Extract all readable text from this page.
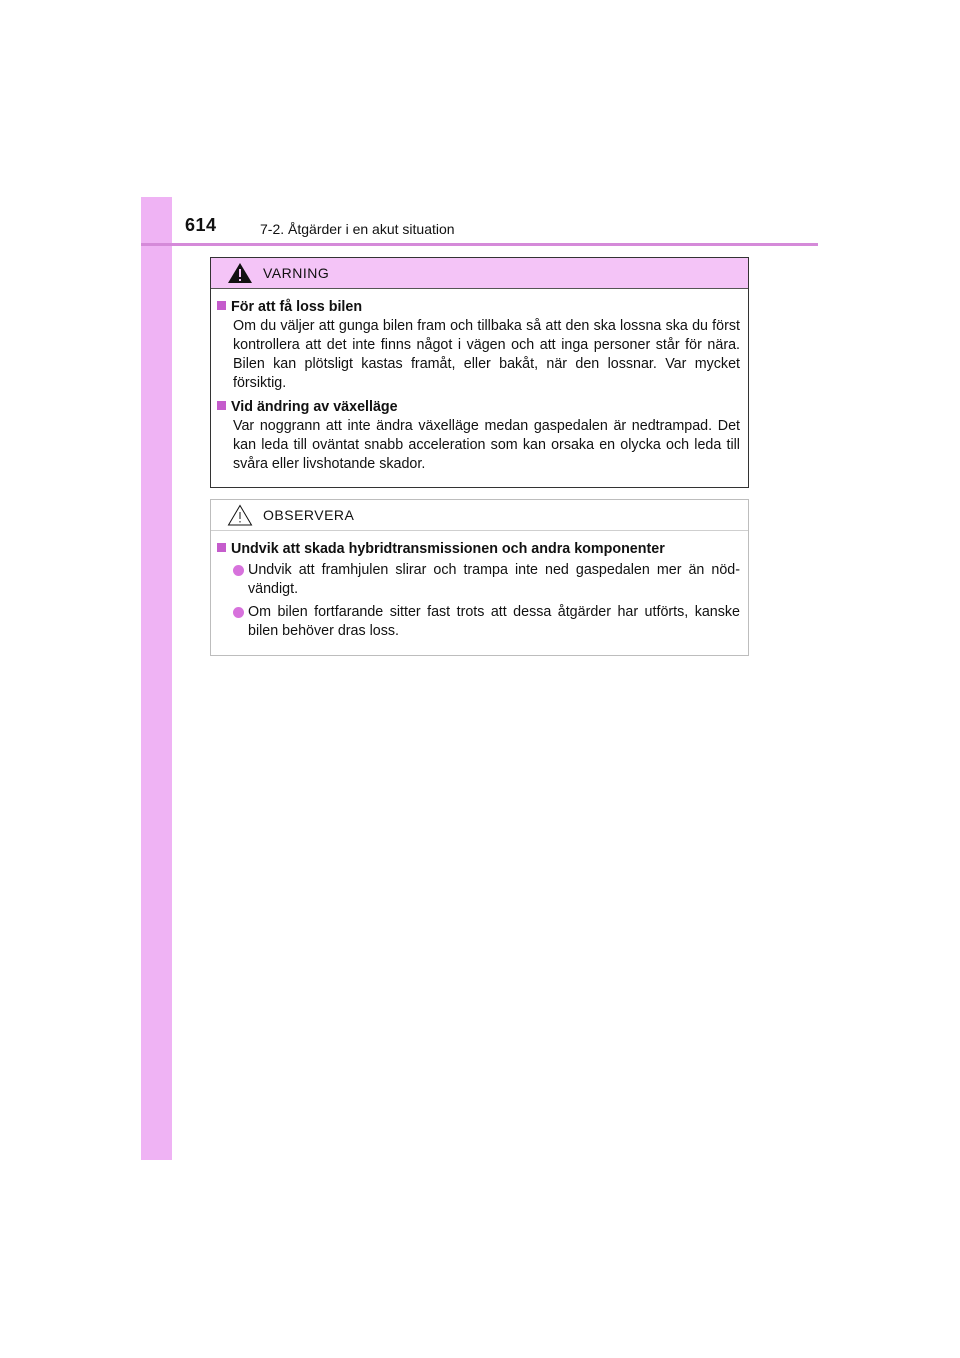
614	7-2. Åtgärder i en akut situation
VARNING
För att få loss bilen
Om du väljer att gunga bilen fram och tillbaka så att den ska lossna ska du först kontrollera att det inte finns något i vägen och att inga personer står för nära. Bilen kan plötsligt kastas framåt, eller bakåt, när den lossnar. Var mycket försiktig.
Vid ändring av växelläge
Var noggrann att inte ändra växelläge medan gaspedalen är nedtrampad. Det kan leda till oväntat snabb acceleration som kan orsaka en olycka och leda till svåra eller livshotande skador.
OBSERVERA
Undvik att skada hybridtransmissionen och andra komponenter
Undvik att framhjulen slirar och trampa inte ned gaspedalen mer än nöd-vändigt.
Om bilen fortfarande sitter fast trots att dessa åtgärder har utförts, kanske bilen behöver dras loss.
